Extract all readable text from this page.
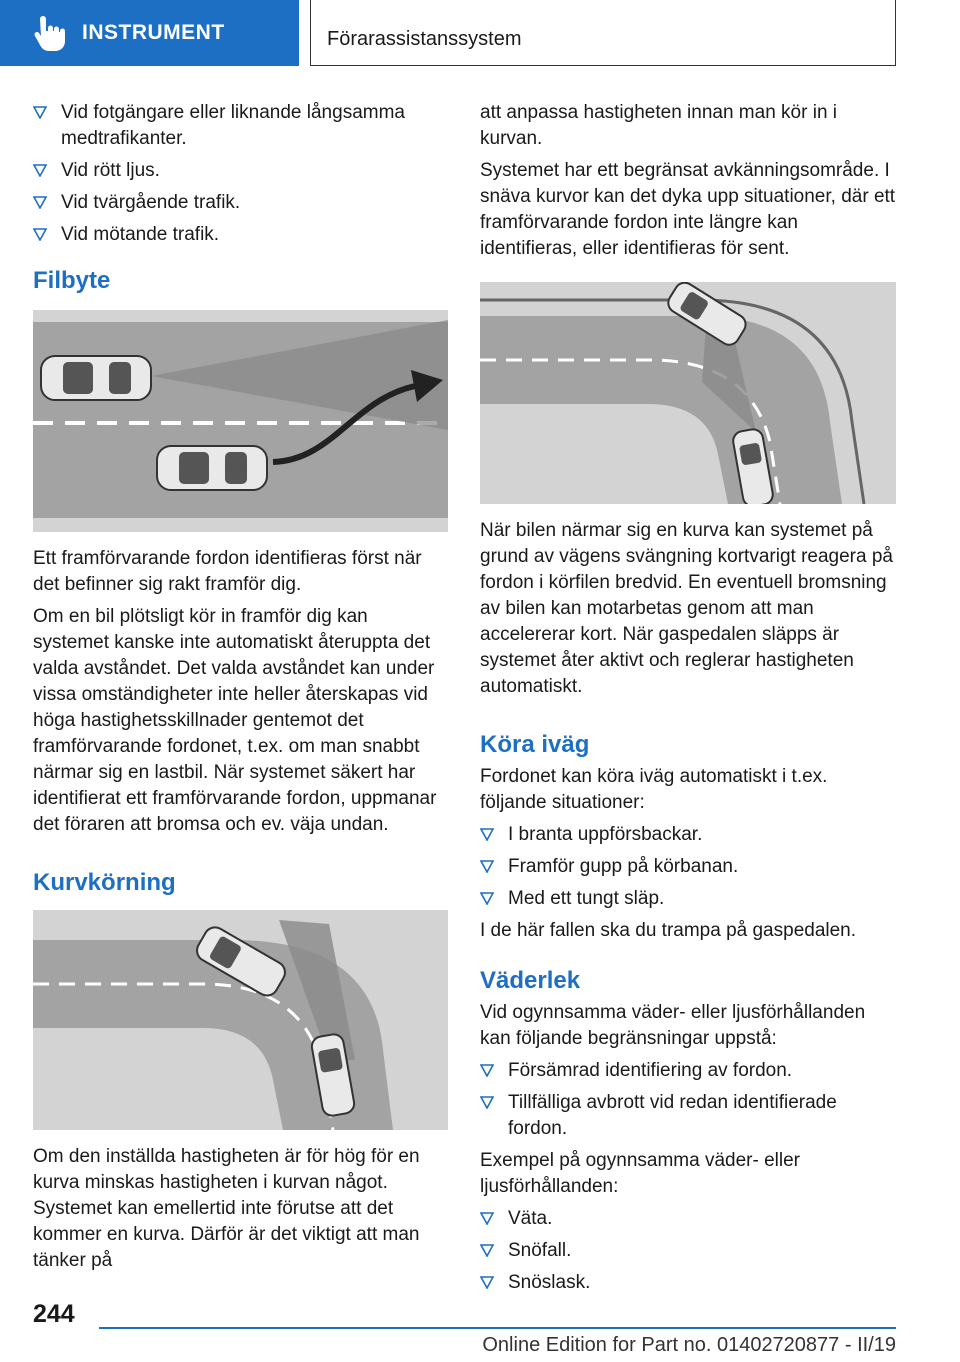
INSTRUMENT	Förarassistanssystem
Vid fotgängare eller liknande långsamma medtrafikanter.
Vid rött ljus.
Vid tvärgående trafik.
Vid mötande trafik.
Filbyte
Ett framförvarande fordon identifieras först när det befinner sig rakt framför dig.
Om en bil plötsligt kör in framför dig kan systemet kanske inte automatiskt återuppta det valda avståndet. Det valda avståndet kan under vissa omständigheter inte heller återskapas vid höga hastighetsskillnader gentemot det framförvarande fordonet, t.ex. om man snabbt närmar sig en lastbil. När systemet säkert har identifierat ett framförvarande fordon, uppmanar det föraren att bromsa och ev. väja undan.
Kurvkörning
Om den inställda hastigheten är för hög för en kurva minskas hastigheten i kurvan något. Systemet kan emellertid inte förutse att det kommer en kurva. Därför är det viktigt att man tänker på
att anpassa hastigheten innan man kör in i kurvan.
Systemet har ett begränsat avkänningsområde. I snäva kurvor kan det dyka upp situationer, där ett framförvarande fordon inte längre kan identifieras, eller identifieras för sent.
När bilen närmar sig en kurva kan systemet på grund av vägens svängning kortvarigt reagera på fordon i körfilen bredvid. En eventuell bromsning av bilen kan motarbetas genom att man accelererar kort. När gaspedalen släpps är systemet åter aktivt och reglerar hastigheten automatiskt.
Köra iväg
Fordonet kan köra iväg automatiskt i t.ex. följande situationer:
I branta uppförsbackar.
Framför gupp på körbanan.
Med ett tungt släp.
I de här fallen ska du trampa på gaspedalen.
Väderlek
Vid ogynnsamma väder- eller ljusförhållanden kan följande begränsningar uppstå:
Försämrad identifiering av fordon.
Tillfälliga avbrott vid redan identifierade fordon.
Exempel på ogynnsamma väder- eller ljusförhållanden:
Väta.
Snöfall.
Snöslask.
244
Online Edition for Part no. 01402720877 - II/19
